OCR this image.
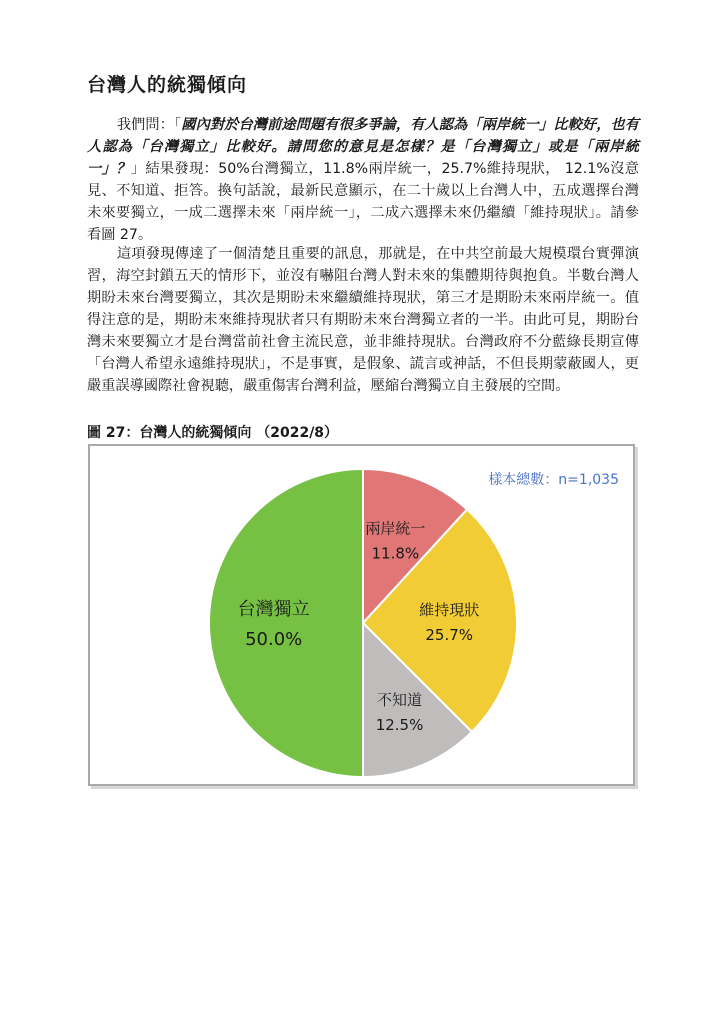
台灣人的統獨傾向

我們問：「國內對於台灣前途問題有很多爭論，有人認為「兩岸統一」比較好，也有人認為「台灣獨立」比較好。請問您的意見是怎樣？是「台灣獨立」或是「兩岸統一」？」結果發現：50%台灣獨立，11.8%兩岸統一，25.7%維持現狀， 12.1%沒意見、不知道、拒答。換句話說，最新民意顯示，在二十歲以上台灣人中，五成選擇台灣未來要獨立，一成二選擇未來「兩岸統一」，二成六選擇未來仍繼續「維持現狀」。請參看圖 27。

這項發現傳達了一個清楚且重要的訊息，那就是，在中共空前最大規模環台實彈演習，海空封鎖五天的情形下，並沒有嚇阻台灣人對未來的集體期待與抱負。半數台灣人期盼未來台灣要獨立，其次是期盼未來繼續維持現狀，第三才是期盼未來兩岸統一。值得注意的是，期盼未來維持現狀者只有期盼未來台灣獨立者的一半。由此可見，期盼台灣未來要獨立才是台灣當前社會主流民意，並非維持現狀。台灣政府不分藍綠長期宣傳「台灣人希望永遠維持現狀」，不是事實，是假象、謊言或神話，不但長期蒙蔽國人，更嚴重誤導國際社會視聽，嚴重傷害台灣利益，壓縮台灣獨立自主發展的空間。

圖 27：台灣人的統獨傾向 （2022/8）
兩岸統一
11.8%
維持現狀
25.7%
不知道
12.5%
台灣獨立
50.0%
樣本總數：n=1,035
